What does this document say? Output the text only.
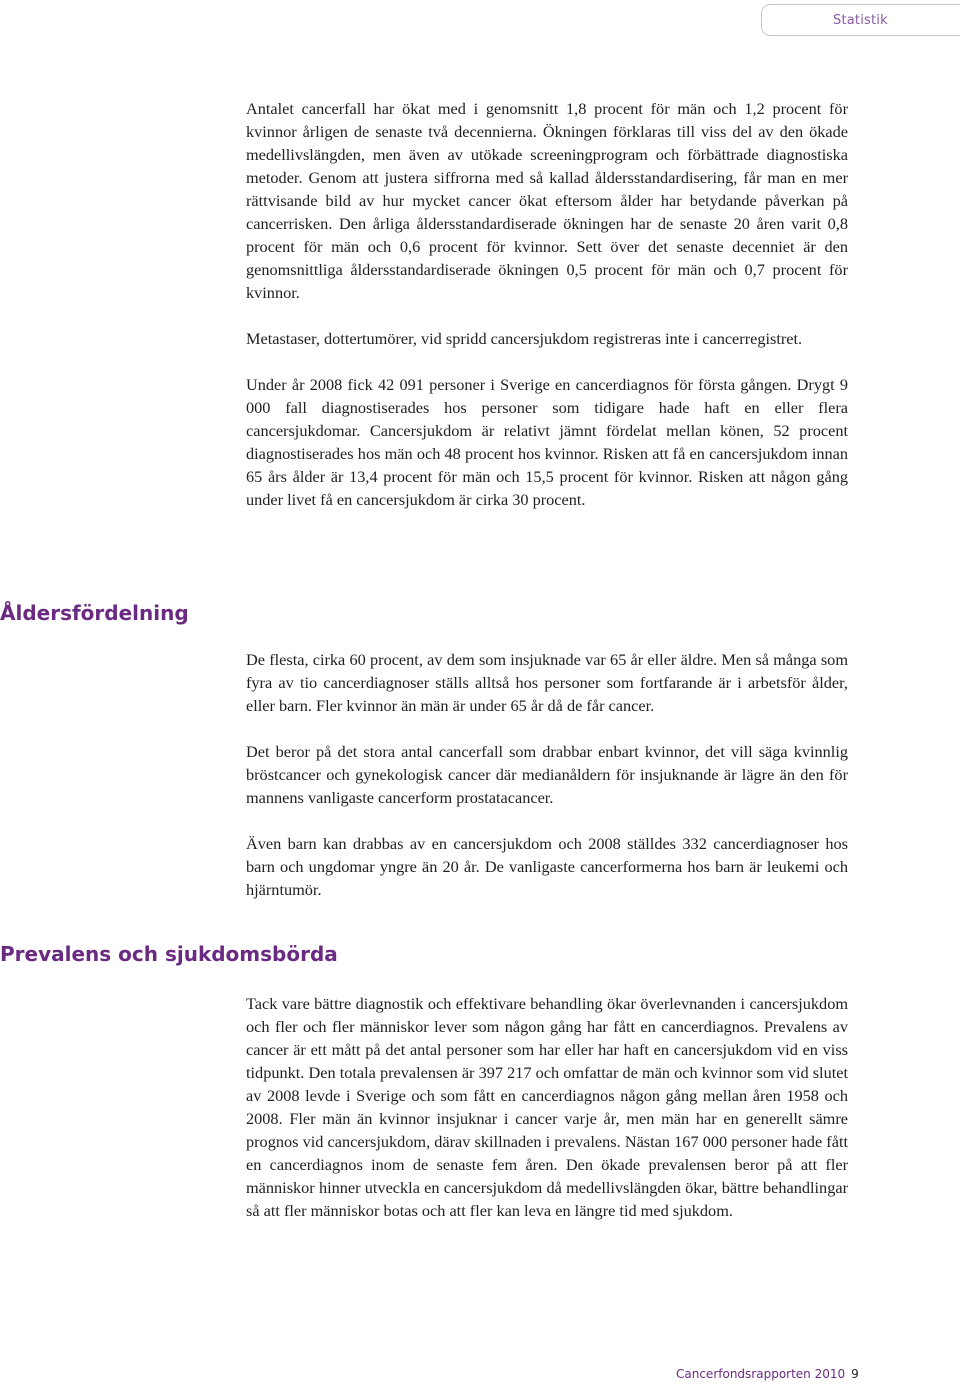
Statistik

Antalet cancerfall har ökat med i genomsnitt 1,8 procent för män och 1,2 procent för kvinnor årligen de senaste två decennierna. Ökningen förklaras till viss del av den ökade medellivslängden, men även av utökade screeningprogram och förbättrade diagnostiska metoder. Genom att justera siffrorna med så kallad åldersstandardisering, får man en mer rättvisande bild av hur mycket cancer ökat eftersom ålder har betydande påverkan på cancerrisken. Den årliga åldersstandardiserade ökningen har de senaste 20 åren varit 0,8 procent för män och 0,6 procent för kvinnor. Sett över det senaste decenniet är den genomsnittliga åldersstandardiserade ökningen 0,5 procent för män och 0,7 procent för kvinnor.

Metastaser, dottertumörer, vid spridd cancersjukdom registreras inte i cancerregistret.

Under år 2008 fick 42 091 personer i Sverige en cancerdiagnos för första gången. Drygt 9 000 fall diagnostiserades hos personer som tidigare hade haft en eller flera cancersjukdomar. Cancersjukdom är relativt jämnt fördelat mellan könen, 52 procent diagnostiserades hos män och 48 procent hos kvinnor. Risken att få en cancersjukdom innan 65 års ålder är 13,4 procent för män och 15,5 procent för kvinnor. Risken att någon gång under livet få en cancersjukdom är cirka 30 procent.

Åldersfördelning

De flesta, cirka 60 procent, av dem som insjuknade var 65 år eller äldre. Men så många som fyra av tio cancerdiagnoser ställs alltså hos personer som fortfarande är i arbetsför ålder, eller barn. Fler kvinnor än män är under 65 år då de får cancer.

Det beror på det stora antal cancerfall som drabbar enbart kvinnor, det vill säga kvinnlig bröstcancer och gynekologisk cancer där medianåldern för insjuknande är lägre än den för mannens vanligaste cancerform prostatacancer.

Även barn kan drabbas av en cancersjukdom och 2008 ställdes 332 cancerdiagnoser hos barn och ungdomar yngre än 20 år. De vanligaste cancerformerna hos barn är leukemi och hjärntumör.

Prevalens och sjukdomsbörda

Tack vare bättre diagnostik och effektivare behandling ökar överlevnanden i cancersjukdom och fler och fler människor lever som någon gång har fått en cancerdiagnos. Prevalens av cancer är ett mått på det antal personer som har eller har haft en cancersjukdom vid en viss tidpunkt. Den totala prevalensen är 397 217 och omfattar de män och kvinnor som vid slutet av 2008 levde i Sverige och som fått en cancerdiagnos någon gång mellan åren 1958 och 2008. Fler män än kvinnor insjuknar i cancer varje år, men män har en generellt sämre prognos vid cancersjukdom, därav skillnaden i prevalens. Nästan 167 000 personer hade fått en cancerdiagnos inom de senaste fem åren. Den ökade prevalensen beror på att fler människor hinner utveckla en cancersjukdom då medellivslängden ökar, bättre behandlingar så att fler människor botas och att fler kan leva en längre tid med sjukdom.

Cancerfondsrapporten 2010 9
